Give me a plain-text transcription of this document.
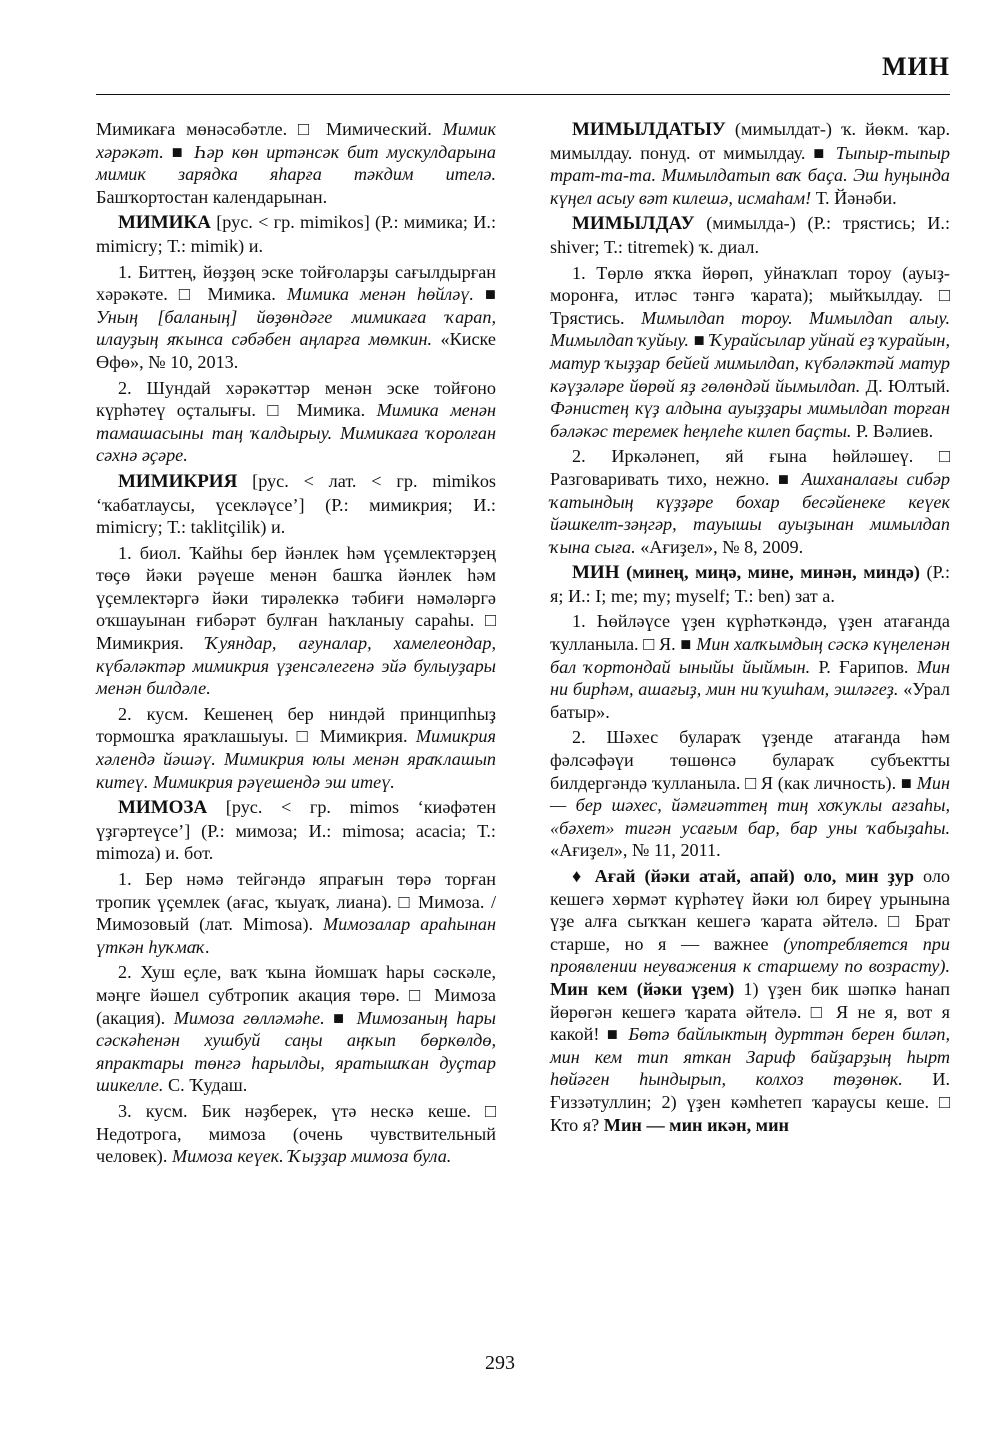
МИН

Мимикаға мөнәсәбәтле. □ Мимический. Мимик хәрәкәт. ■ Һәр көн иртәнсәк бит мускулдарына мимик зарядка яһарға тәкдим ителә. Башҡортостан календарынан.

МИМИКА [рус. < гр. mimikos] (Р.: мимика; И.: mimicry; Т.: mimik) и.

1. Биттең, йөҙҙөң эске тойғоларҙы сағылдырған хәрәкәте. □ Мимика. Мимика менән һөйләү. ■ Уның [баланың] йөҙөндәге мимикаға ҡарап, илауҙың яҡынса сәбәбен аңларға мөмкин. «Киске Өфө», № 10, 2013.

2. Шундай хәрәкәттәр менән эске тойғоно күрһәтеү оҫталығы. □ Мимика. Мимика менән тамашасыны таң ҡалдырыу. Мимикаға ҡоролған сәхнә әҫәре.

МИМИКРИЯ [рус. < лат. < гр. mimikos ‘ҡабатлаусы, үсекләүсе’] (Р.: мимикрия; И.: mimicry; Т.: taklitçilik) и.

1. биол. Ҡайһы бер йәнлек һәм үҫемлектәрҙең төҫө йәки рәүеше менән башҡа йәнлек һәм үҫемлектәргә йәки тирәлеккә тәбиғи нәмәләргә оҡшауынан ғибәрәт булған һаҡланыу сараһы. □ Мимикрия. Ҡуяндар, ағуналар, хамелеондар, күбәләктәр мимикрия үҙенсәлегенә эйә булыуҙары менән билдәле.

2. кусм. Кешенең бер ниндәй принципһыҙ тормошҡа яраҡлашыуы. □ Мимикрия. Мимикрия хәлендә йәшәү. Мимикрия юлы менән яраҡлашып китеү. Мимикрия рәүешендә эш итеү.

МИМОЗА [рус. < гр. mimos ‘киәфәтен үҙгәртеүсе’] (Р.: мимоза; И.: mimosa; acacia; Т.: mimoza) и. бот.

1. Бер нәмә тейгәндә япрағын төрә торған тропик үҫемлек (ағас, ҡыуаҡ, лиана). □ Мимоза. / Мимозовый (лат. Mimosa). Мимозалар араһынан үткән һуҡмаҡ.

2. Хуш еҫле, ваҡ ҡына йомшаҡ һары сәскәле, мәңге йәшел субтропик акация төрө. □ Мимоза (акация). Мимоза гөлләмәһе. ■ Мимозаның һары сәскәһенән хушбуй саңы аңҡып бөркөлдө, япрактары төнгә һарылды, яратышҡан дуҫтар шикелле. С. Ҡудаш.

3. кусм. Бик нәҙберек, үтә нескә кеше. □ Недотрога, мимоза (очень чувствительный человек). Мимоза кеүек. Ҡыҙҙар мимоза була.

МИМЫЛДАТЫУ (мимылдат-) ҡ. йөкм. ҡар. мимылдау. понуд. от мимылдау. ■ Тыпыр-тыпыр трат-та-та. Мимылдатып ваҡ баҫа. Эш һуңында күңел асыу вәт килешә, исмаһам! Т. Йәнәби.

МИМЫЛДАУ (мимылда-) (Р.: трястись; И.: shiver; Т.: titremek) ҡ. диал.

1. Төрлө яҡҡа йөрөп, уйнаҡлап тороу (ауыҙ-моронға, итләс тәнгә ҡарата); мыйҡылдау. □ Трястись. Мимылдап тороу. Мимылдап алыу. Мимылдап ҡуйыу. ■ Ҡурайсылар уйнай еҙ ҡурайын, матур ҡыҙҙар бейей мимылдап, күбәләктәй матур кәүҙәләре йөрөй яҙ гөлөндәй йымылдап. Д. Юлтый. Фәнистең күҙ алдына ауыҙҙары мимылдап торған бәләкәс теремек һеңлеһе килеп баҫты. Р. Вәлиев.

2. Иркәләнеп, яй ғына һөйләшеү. □ Разговаривать тихо, нежно. ■ Ашханалағы сибәр ҡатындың күҙҙәре бохар бесәйенеке кеүек йәшкелт-зәңгәр, тауышы ауыҙынан мимылдап ҡына сыға. «Ағиҙел», № 8, 2009.

МИН (минең, миңә, мине, минән, миндә) (Р.: я; И.: I; me; my; myself; Т.: ben) зат а.

1. Һөйләүсе үҙен күрһәткәндә, үҙен атағанда ҡулланыла. □ Я. ■ Мин халҡымдың сәскә күңеленән бал ҡортондай ыныйы йыймын. Р. Ғарипов. Мин ни бирһәм, ашағыҙ, мин ни ҡушһам, эшләгеҙ. «Урал батыр».

2. Шәхес булараҡ үҙенде атағанда һәм фәлсәфәүи төшөнсә булараҡ субъектты билдергәндә ҡулланыла. □ Я (как личность). ■ Мин — бер шәхес, йәмғиәттең тиң хоҡуҡлы ағзаһы, «бәхет» тигән усағым бар, бар уны ҡабыҙаһы. «Ағиҙел», № 11, 2011.

♦ Ағай (йәки атай, апай) оло, мин ҙур оло кешегә хөрмәт күрһәтеү йәки юл биреү урынына үҙе алға сыҡҡан кешегә ҡарата әйтелә. □ Брат старше, но я — важнее (употребляется при проявлении неуважения к старшему по возрасту). Мин кем (йәки үҙем) 1) үҙен бик шәпкә һанап йөрөгән кешегә ҡарата әйтелә. □ Я не я, вот я какой! ■ Бөтә байлыктың дурттән берен биләп, мин кем тип яткан Зариф байҙарҙың һырт һөйәген һындырып, колхоз төҙөнөк. И. Ғиззәтуллин; 2) үҙен кәмһетеп ҡараусы кеше. □ Кто я? Мин — мин икән, мин

293
